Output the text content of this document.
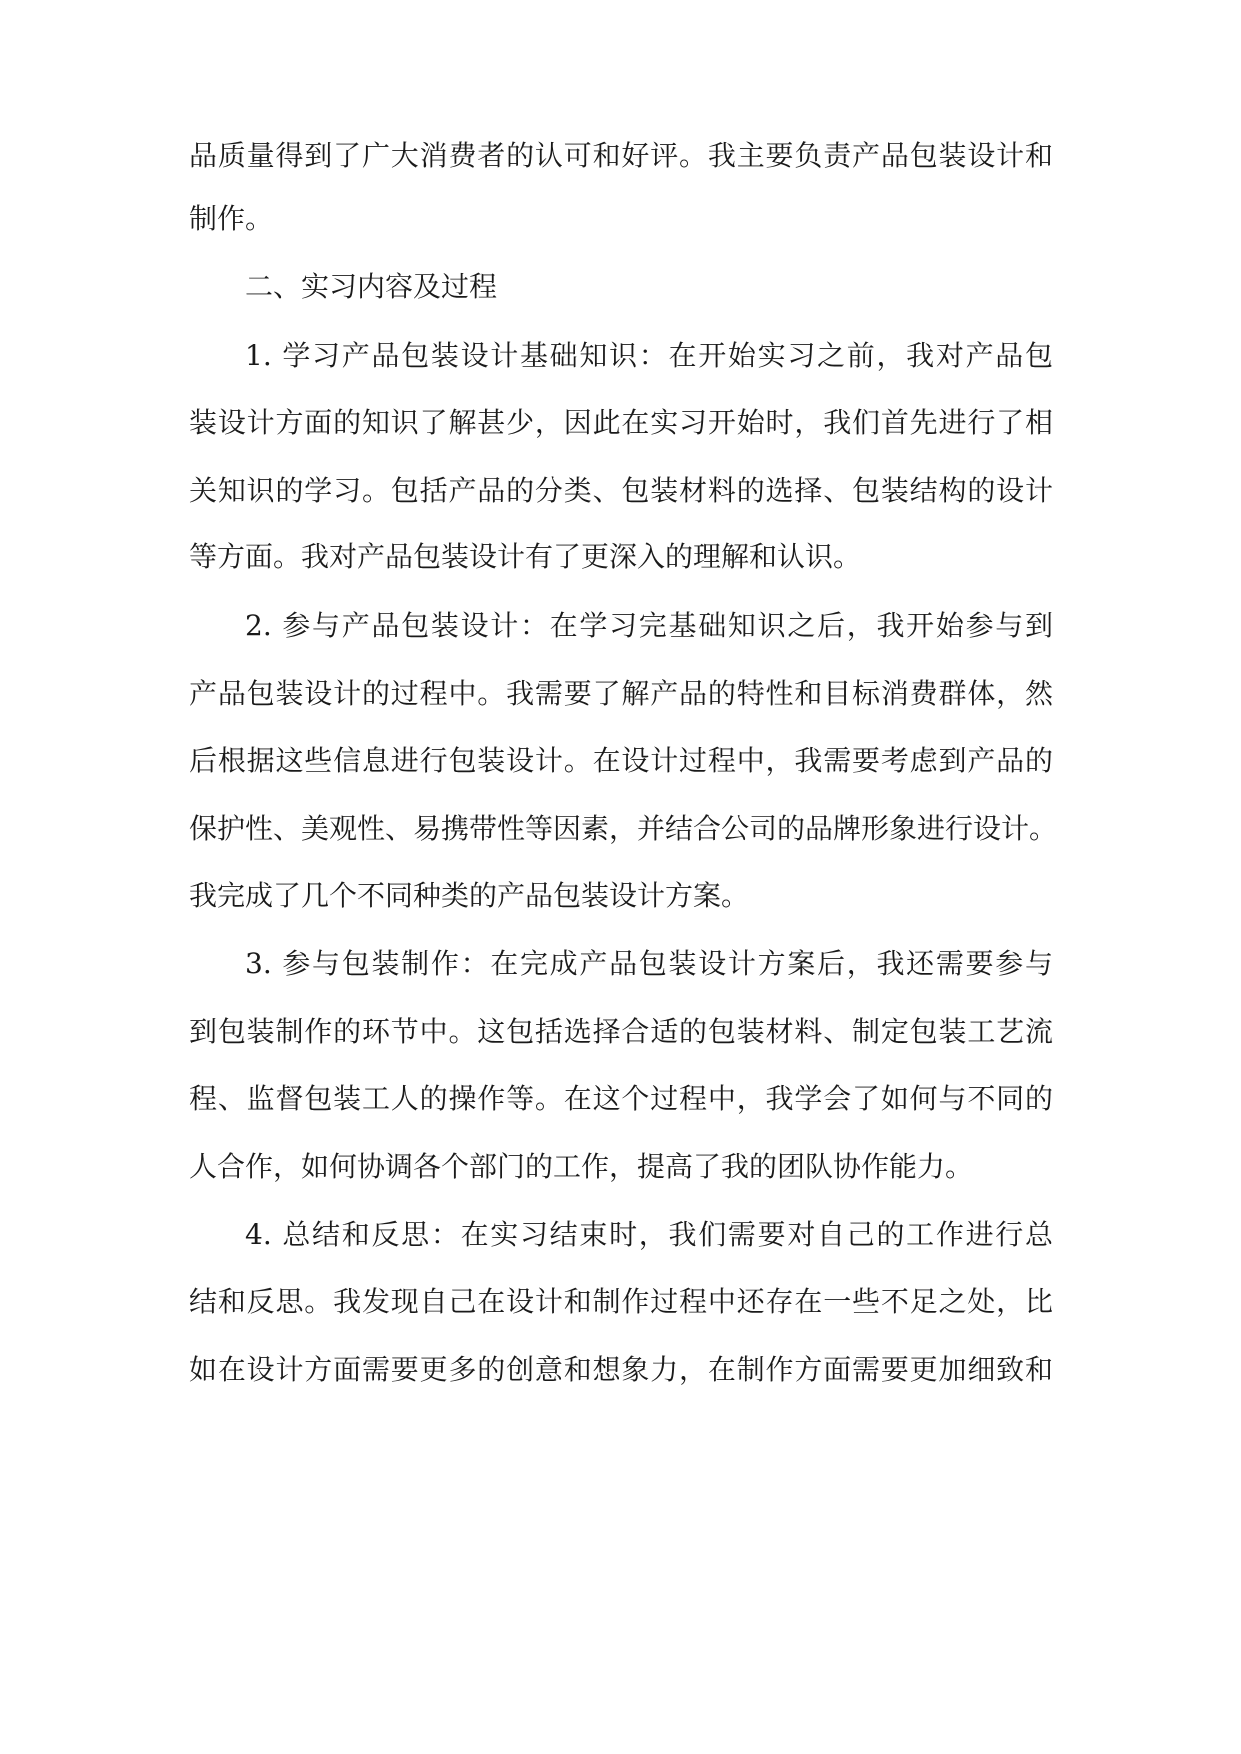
品质量得到了广大消费者的认可和好评。我主要负责产品包装设计和

制作。

二、实习内容及过程

1. 学习产品包装设计基础知识：在开始实习之前，我对产品包

装设计方面的知识了解甚少，因此在实习开始时，我们首先进行了相

关知识的学习。包括产品的分类、包装材料的选择、包装结构的设计

等方面。我对产品包装设计有了更深入的理解和认识。

2. 参与产品包装设计：在学习完基础知识之后，我开始参与到

产品包装设计的过程中。我需要了解产品的特性和目标消费群体，然

后根据这些信息进行包装设计。在设计过程中，我需要考虑到产品的

保护性、美观性、易携带性等因素，并结合公司的品牌形象进行设计。

我完成了几个不同种类的产品包装设计方案。

3. 参与包装制作：在完成产品包装设计方案后，我还需要参与

到包装制作的环节中。这包括选择合适的包装材料、制定包装工艺流

程、监督包装工人的操作等。在这个过程中，我学会了如何与不同的

人合作，如何协调各个部门的工作，提高了我的团队协作能力。

4. 总结和反思：在实习结束时，我们需要对自己的工作进行总

结和反思。我发现自己在设计和制作过程中还存在一些不足之处，比

如在设计方面需要更多的创意和想象力，在制作方面需要更加细致和
